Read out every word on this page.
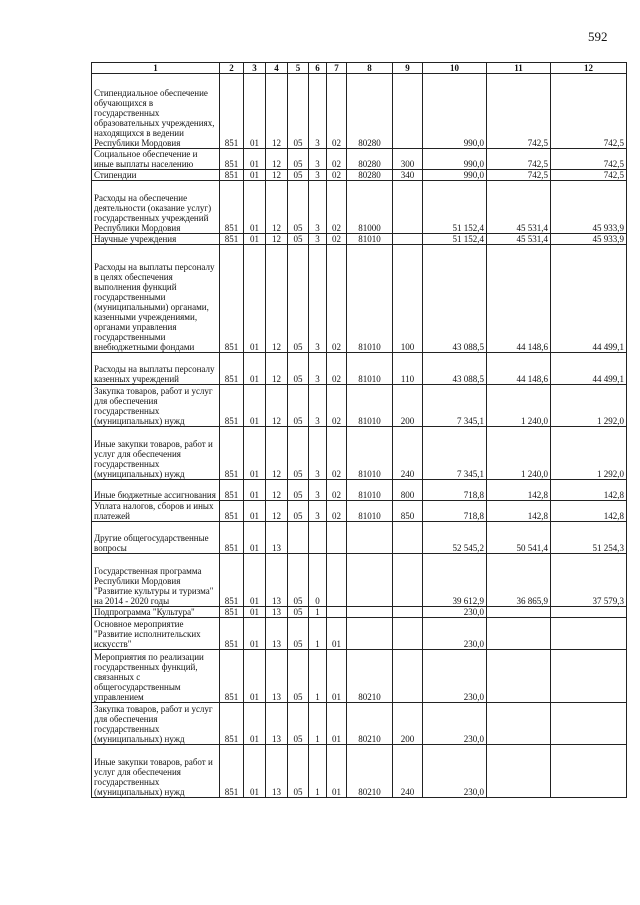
592
1	2	3	4	5	6	7	8	9	10	11	12
Стипендиальное обеспечение обучающихся в государственных образовательных учреждениях, находящихся в ведении Республики Мордовия	851	01	12	05	3	02	80280		990,0	742,5	742,5
Социальное обеспечение и иные выплаты населению	851	01	12	05	3	02	80280	300	990,0	742,5	742,5
Стипендии	851	01	12	05	3	02	80280	340	990,0	742,5	742,5
Расходы на обеспечение деятельности (оказание услуг) государственных учреждений Республики Мордовия	851	01	12	05	3	02	81000		51 152,4	45 531,4	45 933,9
Научные учреждения	851	01	12	05	3	02	81010		51 152,4	45 531,4	45 933,9
Расходы на выплаты персоналу в целях обеспечения выполнения функций государственными (муниципальными) органами, казенными учреждениями, органами управления государственными внебюджетными фондами	851	01	12	05	3	02	81010	100	43 088,5	44 148,6	44 499,1
Расходы на выплаты персоналу казенных учреждений	851	01	12	05	3	02	81010	110	43 088,5	44 148,6	44 499,1
Закупка товаров, работ и услуг для обеспечения государственных (муниципальных) нужд	851	01	12	05	3	02	81010	200	7 345,1	1 240,0	1 292,0
Иные закупки товаров, работ и услуг для обеспечения государственных (муниципальных) нужд	851	01	12	05	3	02	81010	240	7 345,1	1 240,0	1 292,0
Иные бюджетные ассигнования	851	01	12	05	3	02	81010	800	718,8	142,8	142,8
Уплата налогов, сборов и иных платежей	851	01	12	05	3	02	81010	850	718,8	142,8	142,8
Другие общегосударственные вопросы	851	01	13						52 545,2	50 541,4	51 254,3
Государственная программа Республики Мордовия "Развитие культуры и туризма" на 2014 - 2020 годы	851	01	13	05	0				39 612,9	36 865,9	37 579,3
Подпрограмма "Культура"	851	01	13	05	1				230,0		
Основное мероприятие "Развитие исполнительских искусств"	851	01	13	05	1	01			230,0		
Мероприятия по реализации государственных функций, связанных с общегосударственным управлением	851	01	13	05	1	01	80210		230,0		
Закупка товаров, работ и услуг для обеспечения государственных (муниципальных) нужд	851	01	13	05	1	01	80210	200	230,0		
Иные закупки товаров, работ и услуг для обеспечения государственных (муниципальных) нужд	851	01	13	05	1	01	80210	240	230,0		
